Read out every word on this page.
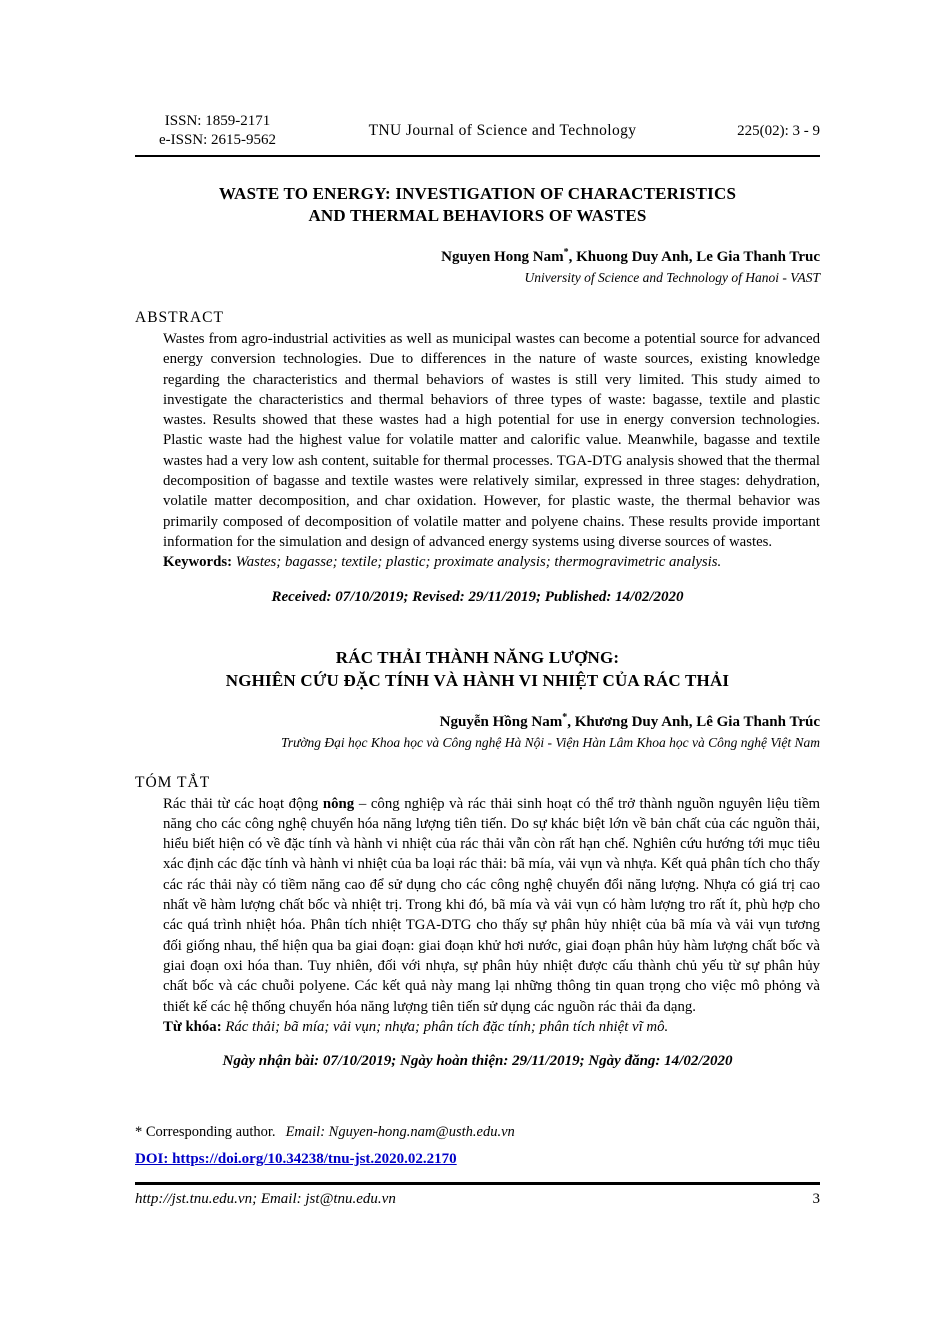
ISSN: 1859-2171
e-ISSN: 2615-9562
TNU Journal of Science and Technology	225(02): 3 - 9
WASTE TO ENERGY: INVESTIGATION OF CHARACTERISTICS
AND THERMAL BEHAVIORS OF WASTES
Nguyen Hong Nam*, Khuong Duy Anh, Le Gia Thanh Truc
University of Science and Technology of Hanoi - VAST
ABSTRACT
Wastes from agro-industrial activities as well as municipal wastes can become a potential source for advanced energy conversion technologies. Due to differences in the nature of waste sources, existing knowledge regarding the characteristics and thermal behaviors of wastes is still very limited. This study aimed to investigate the characteristics and thermal behaviors of three types of waste: bagasse, textile and plastic wastes. Results showed that these wastes had a high potential for use in energy conversion technologies. Plastic waste had the highest value for volatile matter and calorific value. Meanwhile, bagasse and textile wastes had a very low ash content, suitable for thermal processes. TGA-DTG analysis showed that the thermal decomposition of bagasse and textile wastes were relatively similar, expressed in three stages: dehydration, volatile matter decomposition, and char oxidation. However, for plastic waste, the thermal behavior was primarily composed of decomposition of volatile matter and polyene chains. These results provide important information for the simulation and design of advanced energy systems using diverse sources of wastes.
Keywords: Wastes; bagasse; textile; plastic; proximate analysis; thermogravimetric analysis.
Received: 07/10/2019; Revised: 29/11/2019; Published: 14/02/2020
RÁC THẢI THÀNH NĂNG LƯỢNG:
NGHIÊN CỨU ĐẶC TÍNH VÀ HÀNH VI NHIỆT CỦA RÁC THẢI
Nguyễn Hồng Nam*, Khương Duy Anh, Lê Gia Thanh Trúc
Trường Đại học Khoa học và Công nghệ Hà Nội - Viện Hàn Lâm Khoa học và Công nghệ Việt Nam
TÓM TẮT
Rác thải từ các hoạt động nông – công nghiệp và rác thải sinh hoạt có thể trở thành nguồn nguyên liệu tiềm năng cho các công nghệ chuyển hóa năng lượng tiên tiến. Do sự khác biệt lớn về bản chất của các nguồn thải, hiểu biết hiện có về đặc tính và hành vi nhiệt của rác thải vẫn còn rất hạn chế. Nghiên cứu hướng tới mục tiêu xác định các đặc tính và hành vi nhiệt của ba loại rác thải: bã mía, vải vụn và nhựa. Kết quả phân tích cho thấy các rác thải này có tiềm năng cao để sử dụng cho các công nghệ chuyển đổi năng lượng. Nhựa có giá trị cao nhất về hàm lượng chất bốc và nhiệt trị. Trong khi đó, bã mía và vải vụn có hàm lượng tro rất ít, phù hợp cho các quá trình nhiệt hóa. Phân tích nhiệt TGA-DTG cho thấy sự phân hủy nhiệt của bã mía và vải vụn tương đối giống nhau, thể hiện qua ba giai đoạn: giai đoạn khử hơi nước, giai đoạn phân hủy hàm lượng chất bốc và giai đoạn oxi hóa than. Tuy nhiên, đối với nhựa, sự phân hủy nhiệt được cấu thành chủ yếu từ sự phân hủy chất bốc và các chuỗi polyene. Các kết quả này mang lại những thông tin quan trọng cho việc mô phỏng và thiết kế các hệ thống chuyển hóa năng lượng tiên tiến sử dụng các nguồn rác thải đa dạng.
Từ khóa: Rác thải; bã mía; vải vụn; nhựa; phân tích đặc tính; phân tích nhiệt vĩ mô.
Ngày nhận bài: 07/10/2019; Ngày hoàn thiện: 29/11/2019; Ngày đăng: 14/02/2020
* Corresponding author. Email: Nguyen-hong.nam@usth.edu.vn
DOI: https://doi.org/10.34238/tnu-jst.2020.02.2170
http://jst.tnu.edu.vn; Email: jst@tnu.edu.vn	3
